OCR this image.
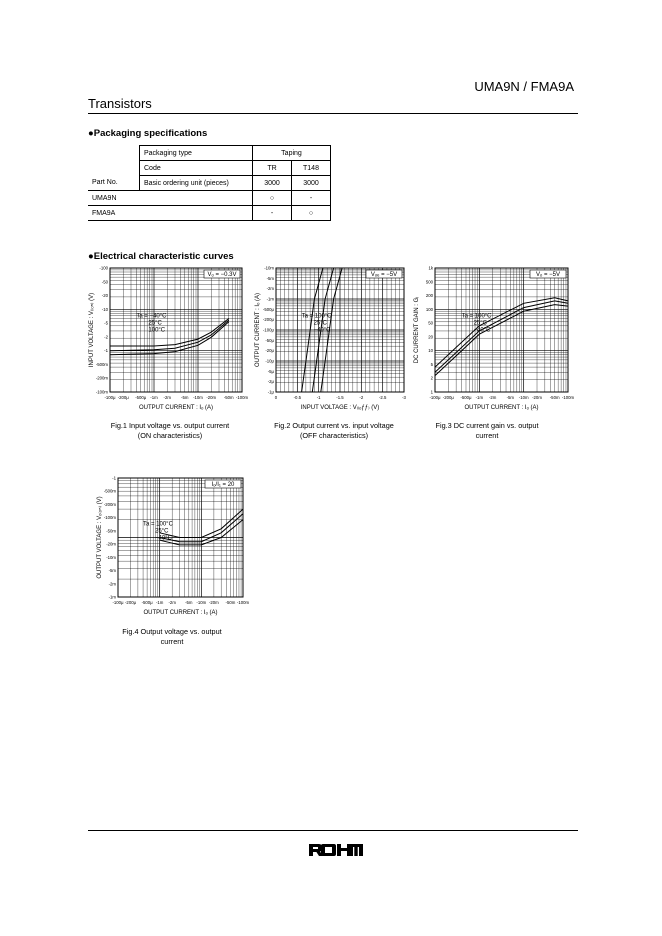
UMA9N / FMA9A
Transistors
●Packaging specifications
	Packaging type	Taping	
	Code	TR	T148
Part No.	Basic ordering unit (pieces)	3000	3000
UMA9N		○	-
FMA9A		-	○
●Electrical characteristic curves
-100
-50
-20
-10
-5
-2
-1
-500m
-200m
-100m
-100μ -200μ -500μ -1m -2m -5m -10m -20m -50m -100m
OUTPUT CURRENT : Iₒ (A)
INPUT VOLTAGE : Vᵢ₍ₒₙ₎ (V)
Vₒ = −0.3V
Ta = −40°C
25°C
100°C
-10m
-5m
-2m
-1m
-500μ
-200μ
-100μ
-50μ
-20μ
-10μ
-5μ
-2μ
-1μ
0	-0.5	-1	-1.5	-2	-2.5	-3
INPUT VOLTAGE : Vᵢ₍ₒƒƒ₎ (V)
OUTPUT CURRENT : Iₒ (A)
Vₒₑ = −5V
Ta = 100°C
25°C
−40°C
1k
500
200
100
50
20
10
5
2
1
-100μ -200μ -500μ -1m -2m -5m -10m -20m -50m -100m
OUTPUT CURRENT : Iₒ (A)
DC CURRENT GAIN : Gᵢ
Vₒ = −5V
Ta = 100°C
25°C
−40°C
-1
-500m
-200m
-100m
-50m
-20m
-10m
-5m
-2m
-1m
-100μ -200μ -500μ -1m -2m -5m -10m -20m -50m -100m
OUTPUT CURRENT : Iₒ (A)
OUTPUT VOLTAGE : Vₒ₍ₒₙ₎ (V)
Iₒ/I₁ = 20
Ta = 100°C
25°C
−40°C
Fig.1 Input voltage vs. output current
(ON characteristics)
Fig.2 Output current vs. input voltage
(OFF characteristics)
Fig.3 DC current gain vs. output
current
Fig.4 Output voltage vs. output
current
